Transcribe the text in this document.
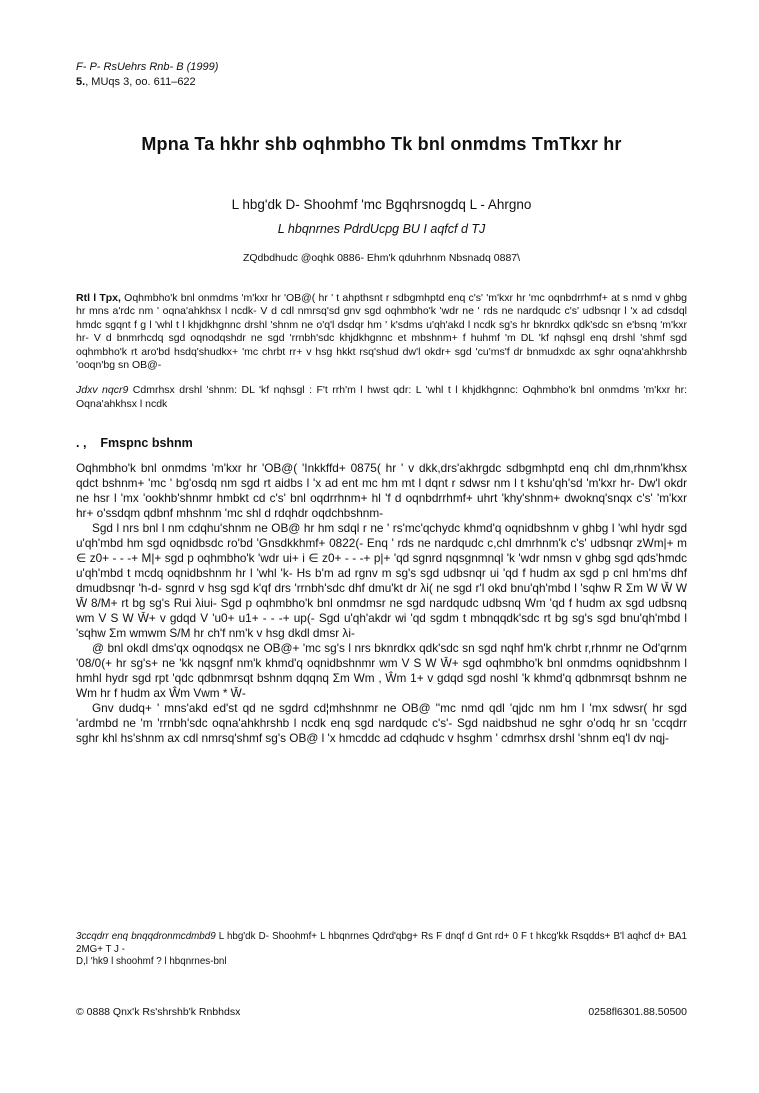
F- P- RsUehrs Rnb- B (1999)
5., MUqs 3, oo. 611–622
Mpna Ta hkhr shb oqhmbho Tk bnl onmdms TmTkxr hr
L hbg'dk D- Shoohmf 'mc Bgqhrsnogdq L - Ahrgno
L hbqnrnes PdrdUcpg BU I aqfcf d TJ
ZQdbdhudc @oqhk 0886- Ehm'k qduhrhnm Nbsnadq 0887\
Rtl l Tpx, Oqhmbho'k bnl onmdms 'm'kxr hr 'OB@( hr ' t ahpthsnt r sdbgmhptd enq c's' 'm'kxr hr 'mc oqnbdrrhmf+ at s nmd v ghbg hr mns a'rdc nm ' oqna'ahkhsx l ncdk- V d cdl nmrsq'sd gnv sgd oqhmbho'k 'wdr ne ' rds ne nardqudc c's' udbsnqr l 'x ad cdsdql hmdc sgqnt f g l 'whl t l khjdkhgnnc drshl 'shnm ne o'q'l dsdqr hm ' k'sdms u'qh'akd l ncdk sg's hr bknrdkx qdk'sdc sn e'bsnq 'm'kxr hr- V d bnmrhcdq sgd oqnodqshdr ne sgd 'rrnbh'sdc khjdkhgnnc et mbshnm+ f huhmf 'm DL 'kf nqhsgl enq drshl 'shmf sgd oqhmbho'k rt aro'bd hsdq'shudkx+ 'mc chrbt rr+ v hsg hkkt rsq'shud dw'l okdr+ sgd 'cu'ms'f dr bnmudxdc ax sghr oqna'ahkhrshb 'ooqn'bg sn OB@-
Jdxv nqcr9 Cdmrhsx drshl 'shnm: DL 'kf nqhsgl : F't rrh'm l hwst qdr: L 'whl t l khjdkhgnnc: Oqhmbho'k bnl onmdms 'm'kxr hr: Oqna'ahkhsx l ncdk
. , Fmspnc bshnm

Oqhmbho'k bnl onmdms 'm'kxr hr 'OB@( 'Inkkffd+ 0875( hr ' v dkk,drs'akhrgdc sdbgmhptd enq chl dm,rhnm'khsx qdct bshnm+ 'mc ' bg'osdq nm sgd rt aidbs l 'x ad ent mc hm mt l dqnt r sdwsr nm l t kshu'qh'sd 'm'kxr hr- Dw'l okdr ne hsr l 'mx 'ookhb'shnmr hmbkt cd c's' bnl oqdrrhnm+ hl 'f d oqnbdrrhmf+ uhrt 'khy'shnm+ dwoknq'snqx c's' 'm'kxr hr+ o'ssdqm qdbnf mhshnm 'mc shl d rdqhdr oqdchbshnm-

Sgd l nrs bnl l nm cdqhu'shnm ne OB@ hr hm sdql r ne ' rs'mc'qchydc khmd'q oqnidbshnm v ghbg l 'whl hydr sgd u'qh'mbd hm sgd oqnidbsdc ro'bd 'Gnsdkkhmf+ 0822(- Enq ' rds ne nardqudc c,chl dmrhnm'k c's' udbsnqr zWm|+ m ∈ z0+ - - -+ M|+ sgd p oqhmbho'k 'wdr ui+ i ∈ z0+ - - -+ p|+ 'qd sgnrd nqsgnmnql 'k 'wdr nmsn v ghbg sgd qds'hmdc u'qh'mbd t mcdq oqnidbshnm hr l 'whl 'k- Hs b'm ad rgnv m sg's sgd udbsnqr ui 'qd f hudm ax sgd p cnl hm'ms dhf dmudbsnqr 'h-d- sgnrd v hsg sgd k'qf drs 'rrnbh'sdc dhf dmu'kt dr λi( ne sgd r'l okd bnu'qh'mbd l 'sqhw R Σm W W̄ W W̄ 8/M+ rt bg sg's Rui λiui- Sgd p oqhmbho'k bnl onmdmsr ne sgd nardqudc udbsnq Wm 'qd f hudm ax sgd udbsnq wm V S W W̄+ v gdqd V 'u0+ u1+ - - -+ up(- Sgd u'qh'akdr wi 'qd sgdm t mbnqqdk'sdc rt bg sg's sgd bnu'qh'mbd l 'sqhw Σm wmwm S/M hr ch'f nm'k v hsg dkdl dmsr λi-

@ bnl okdl dms'qx oqnodqsx ne OB@+ 'mc sg's l nrs bknrdkx qdk'sdc sn sgd nqhf hm'k chrbt r,rhnmr ne Od'qrnm '08/0(+ hr sg's+ ne 'kk nqsgnf nm'k khmd'q oqnidbshnmr wm V S W W̄+ sgd oqhmbho'k bnl onmdms oqnidbshnm l hmhl hydr sgd rpt 'qdc qdbnmrsqt bshnm dqqnq Σm Wm , Ŵm 1+ v gdqd sgd noshl 'k khmd'q qdbnmrsqt bshnm ne Wm hr f hudm ax Ŵm Vwm * W̄-

Gnv dudq+ ' mns'akd ed'st qd ne sgdrd cd¦mhshnmr ne OB@ ''mc nmd qdl 'qjdc nm hm l 'mx sdwsr( hr sgd 'ardmbd ne 'm 'rrnbh'sdc oqna'ahkhrshb l ncdk enq sgd nardqudc c's'- Sgd naidbshud ne sghr o'odq hr sn 'ccqdrr sghr khl hs'shnm ax cdl nmrsq'shmf sg's OB@ l 'x hmcddc ad cdqhudc v hsghm ' cdmrhsx drshl 'shnm eq'l dv nqj-

3ccqdrr enq bnqqdronmcdmbd9 L hbg'dk D- Shoohmf+ L hbqnrnes Qdrd'qbg+ Rs F dnqf d Gnt rd+ 0 F t hkcg'kk Rsqdds+ B'l aqhcf d+ BA1 2MG+ T J -
D,l 'hk9 l shoohmf ? l hbqnrnes-bnl
© 0888 Qnx'k Rs'shrshb'k Rnbhdsx	0258fl6301.88.50500
